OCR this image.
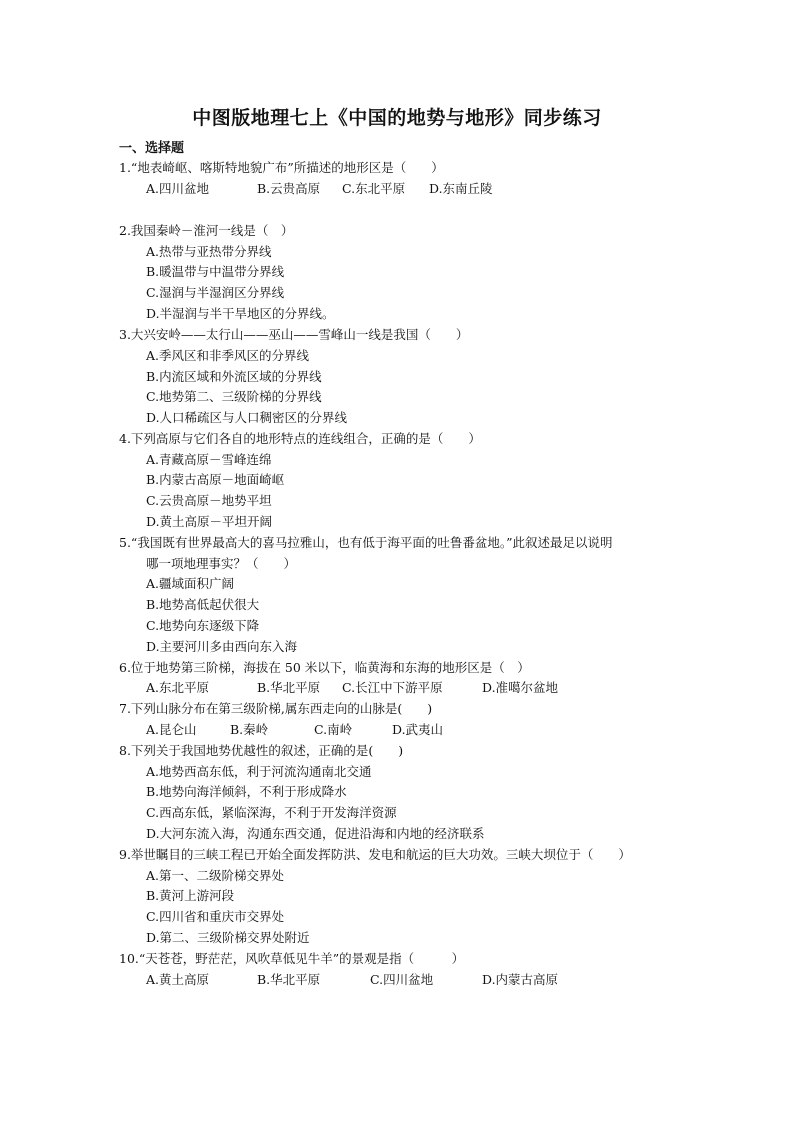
中图版地理七上《中国的地势与地形》同步练习
一、选择题
1.“地表崎岖、喀斯特地貌广布”所描述的地形区是（　　）
A.四川盆地	B.云贵高原 C.东北平原 D.东南丘陵
2.我国秦岭－淮河一线是（　）
A.热带与亚热带分界线
B.暖温带与中温带分界线
C.湿润与半湿润区分界线
D.半湿润与半干旱地区的分界线。
3.大兴安岭——太行山——巫山——雪峰山一线是我国（　　）
A.季风区和非季风区的分界线
B.内流区域和外流区域的分界线
C.地势第二、三级阶梯的分界线
D.人口稀疏区与人口稠密区的分界线
4.下列高原与它们各自的地形特点的连线组合，正确的是（　　）
A.青藏高原－雪峰连绵
B.内蒙古高原－地面崎岖
C.云贵高原－地势平坦
D.黄土高原－平坦开阔
5.“我国既有世界最高大的喜马拉雅山，也有低于海平面的吐鲁番盆地。”此叙述最足以说明
哪一项地理事实？（　　）
A.疆域面积广阔
B.地势高低起伏很大
C.地势向东逐级下降
D.主要河川多由西向东入海
6.位于地势第三阶梯，海拔在 50 米以下，临黄海和东海的地形区是（　）
A.东北平原	B.华北平原 C.长江中下游平原	D.准噶尔盆地
7.下列山脉分布在第三级阶梯,属东西走向的山脉是(　　)
A.昆仑山	B.秦岭	C.南岭	D.武夷山
8.下列关于我国地势优越性的叙述，正确的是(　　)
A.地势西高东低，利于河流沟通南北交通
B.地势向海洋倾斜，不利于形成降水
C.西高东低，紧临深海，不利于开发海洋资源
D.大河东流入海，沟通东西交通，促进沿海和内地的经济联系
9.举世瞩目的三峡工程已开始全面发挥防洪、发电和航运的巨大功效。三峡大坝位于（　　）
A.第一、二级阶梯交界处
B.黄河上游河段
C.四川省和重庆市交界处
D.第二、三级阶梯交界处附近
10.“天苍苍，野茫茫，风吹草低见牛羊”的景观是指（　　　）
A.黄土高原	B.华北平原	C.四川盆地	D.内蒙古高原
